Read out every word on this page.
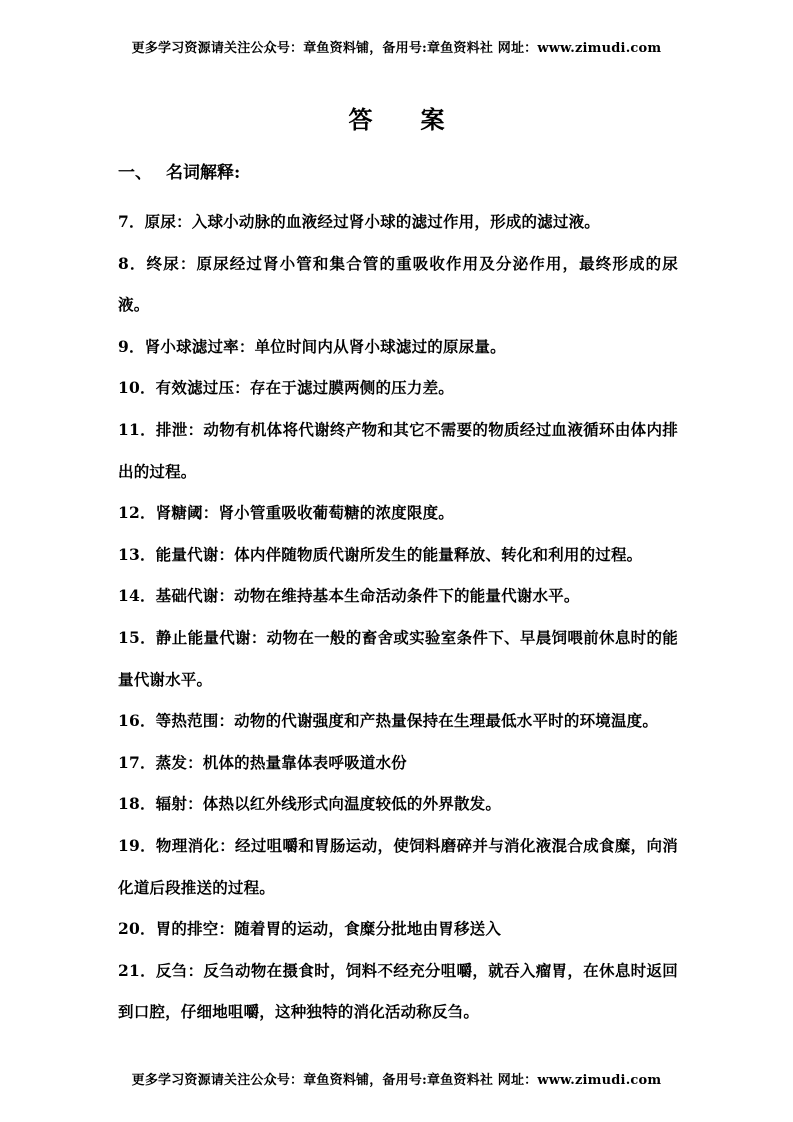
更多学习资源请关注公众号：章鱼资料铺，备用号:章鱼资料社 网址：www.zimudi.com
答案
一、 名词解释:

7．原尿：入球小动脉的血液经过肾小球的滤过作用，形成的滤过液。

8．终尿：原尿经过肾小管和集合管的重吸收作用及分泌作用，最终形成的尿液。

9．肾小球滤过率：单位时间内从肾小球滤过的原尿量。

10．有效滤过压：存在于滤过膜两侧的压力差。

11．排泄：动物有机体将代谢终产物和其它不需要的物质经过血液循环由体内排出的过程。

12．肾糖阈：肾小管重吸收葡萄糖的浓度限度。

13．能量代谢：体内伴随物质代谢所发生的能量释放、转化和利用的过程。

14．基础代谢：动物在维持基本生命活动条件下的能量代谢水平。

15．静止能量代谢：动物在一般的畜舍或实验室条件下、早晨饲喂前休息时的能量代谢水平。

16．等热范围：动物的代谢强度和产热量保持在生理最低水平时的环境温度。

17．蒸发：机体的热量靠体表呼吸道水份

18．辐射：体热以红外线形式向温度较低的外界散发。

19．物理消化：经过咀嚼和胃肠运动，使饲料磨碎并与消化液混合成食糜，向消化道后段推送的过程。

20．胃的排空：随着胃的运动，食糜分批地由胃移送入

21．反刍：反刍动物在摄食时，饲料不经充分咀嚼，就吞入瘤胃，在休息时返回到口腔，仔细地咀嚼，这种独特的消化活动称反刍。

更多学习资源请关注公众号：章鱼资料铺，备用号:章鱼资料社 网址：www.zimudi.com
